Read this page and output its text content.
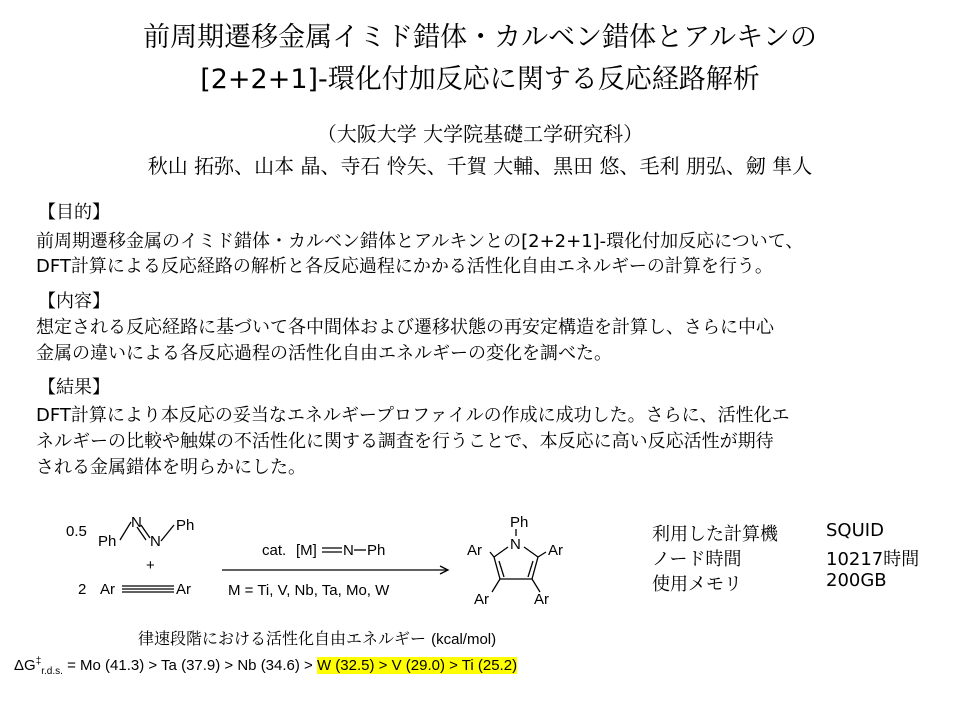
前周期遷移金属イミド錯体・カルベン錯体とアルキンの
[2+2+1]-環化付加反応に関する反応経路解析
（大阪大学 大学院基礎工学研究科）
秋山 拓弥、山本 晶、寺石 怜矢、千賀 大輔、黒田 悠、毛利 朋弘、劒 隼人
【目的】
前周期遷移金属のイミド錯体・カルベン錯体とアルキンとの[2+2+1]-環化付加反応について、
DFT計算による反応経路の解析と各反応過程にかかる活性化自由エネルギーの計算を行う。
【内容】
想定される反応経路に基づいて各中間体および遷移状態の再安定構造を計算し、さらに中心
金属の違いによる各反応過程の活性化自由エネルギーの変化を調べた。
【結果】
DFT計算により本反応の妥当なエネルギープロファイルの作成に成功した。さらに、活性化エ
ネルギーの比較や触媒の不活性化に関する調査を行うことで、本反応に高い反応活性が期待
される金属錯体を明らかにした。
0.5
Ph
N
N
Ph
+
2 Ar	Ar
cat. [M] N Ph
M = Ti, V, Nb, Ta, Mo, W
Ph
N
Ar	Ar
Ar	Ar
利用した計算機	SQUID
ノード時間	10217時間
使用メモリ	200GB
律速段階における活性化自由エネルギー (kcal/mol)
$\Delta G^\ddagger_{r.d.s.} = Mo$ (41.3) > Ta (37.9) > Nb (34.6) > W (32.5) > V (29.0) > Ti (25.2)
